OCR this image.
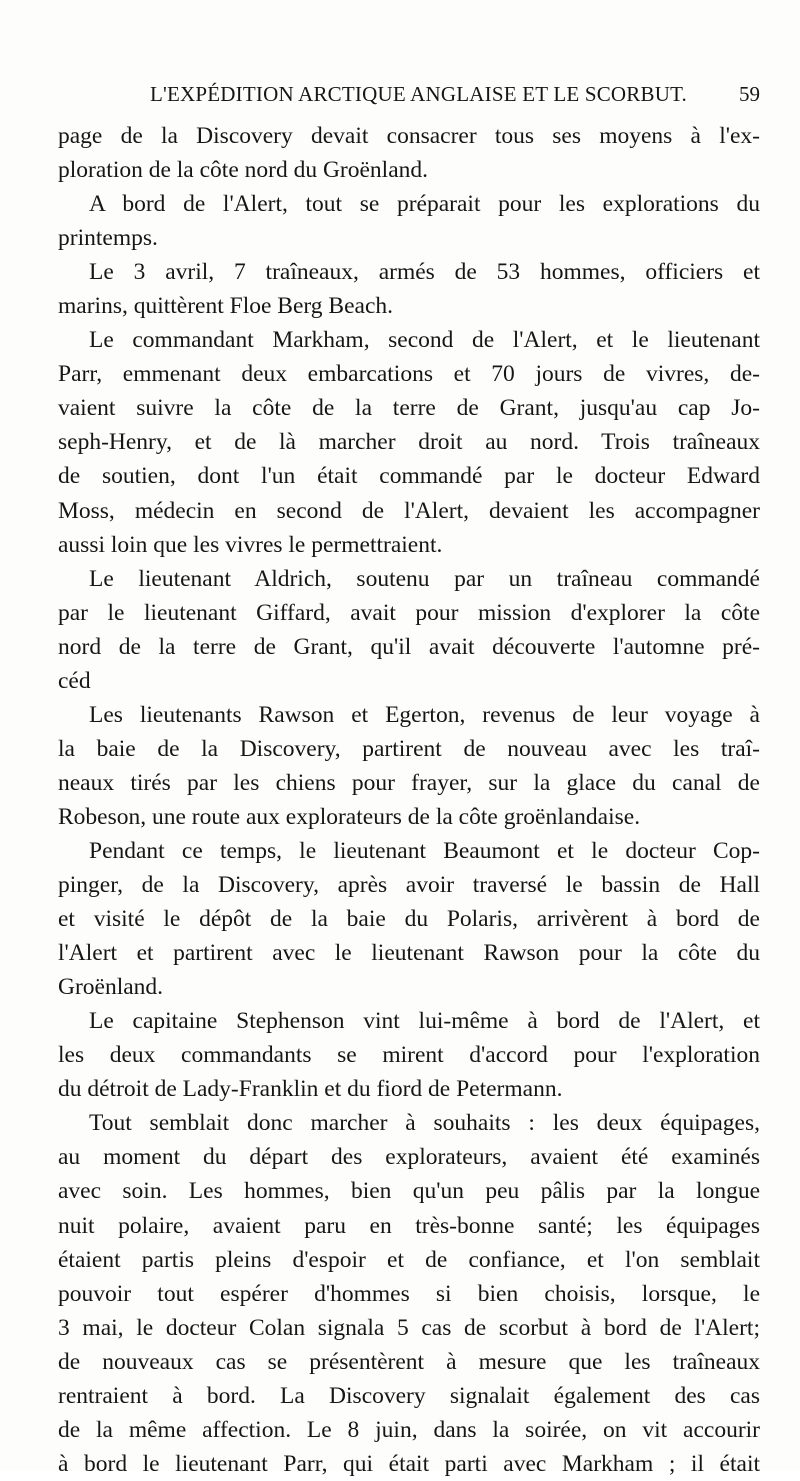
L'EXPÉDITION ARCTIQUE ANGLAISE ET LE SCORBUT. 59
page de la Discovery devait consacrer tous ses moyens à l'ex-
ploration de la côte nord du Groënland.
A bord de l'Alert, tout se préparait pour les explorations du
printemps.
Le 3 avril, 7 traîneaux, armés de 53 hommes, officiers et
marins, quittèrent Floe Berg Beach.
Le commandant Markham, second de l'Alert, et le lieutenant
Parr, emmenant deux embarcations et 70 jours de vivres, de-
vaient suivre la côte de la terre de Grant, jusqu'au cap Jo-
seph-Henry, et de là marcher droit au nord. Trois traîneaux
de soutien, dont l'un était commandé par le docteur Edward
Moss, médecin en second de l'Alert, devaient les accompagner
aussi loin que les vivres le permettraient.
Le lieutenant Aldrich, soutenu par un traîneau commandé
par le lieutenant Giffard, avait pour mission d'explorer la côte
nord de la terre de Grant, qu'il avait découverte l'automne pré-
céd
Les lieutenants Rawson et Egerton, revenus de leur voyage à
la baie de la Discovery, partirent de nouveau avec les traî-
neaux tirés par les chiens pour frayer, sur la glace du canal de
Robeson, une route aux explorateurs de la côte groënlandaise.
Pendant ce temps, le lieutenant Beaumont et le docteur Cop-
pinger, de la Discovery, après avoir traversé le bassin de Hall
et visité le dépôt de la baie du Polaris, arrivèrent à bord de
l'Alert et partirent avec le lieutenant Rawson pour la côte du
Groënland.
Le capitaine Stephenson vint lui-même à bord de l'Alert, et
les deux commandants se mirent d'accord pour l'exploration
du détroit de Lady-Franklin et du fiord de Petermann.
Tout semblait donc marcher à souhaits : les deux équipages,
au moment du départ des explorateurs, avaient été examinés
avec soin. Les hommes, bien qu'un peu pâlis par la longue
nuit polaire, avaient paru en très-bonne santé; les équipages
étaient partis pleins d'espoir et de confiance, et l'on semblait
pouvoir tout espérer d'hommes si bien choisis, lorsque, le
3 mai, le docteur Colan signala 5 cas de scorbut à bord de l'Alert;
de nouveaux cas se présentèrent à mesure que les traîneaux
rentraient à bord. La Discovery signalait également des cas
de la même affection. Le 8 juin, dans la soirée, on vit accourir
à bord le lieutenant Parr, qui était parti avec Markham ; il était
